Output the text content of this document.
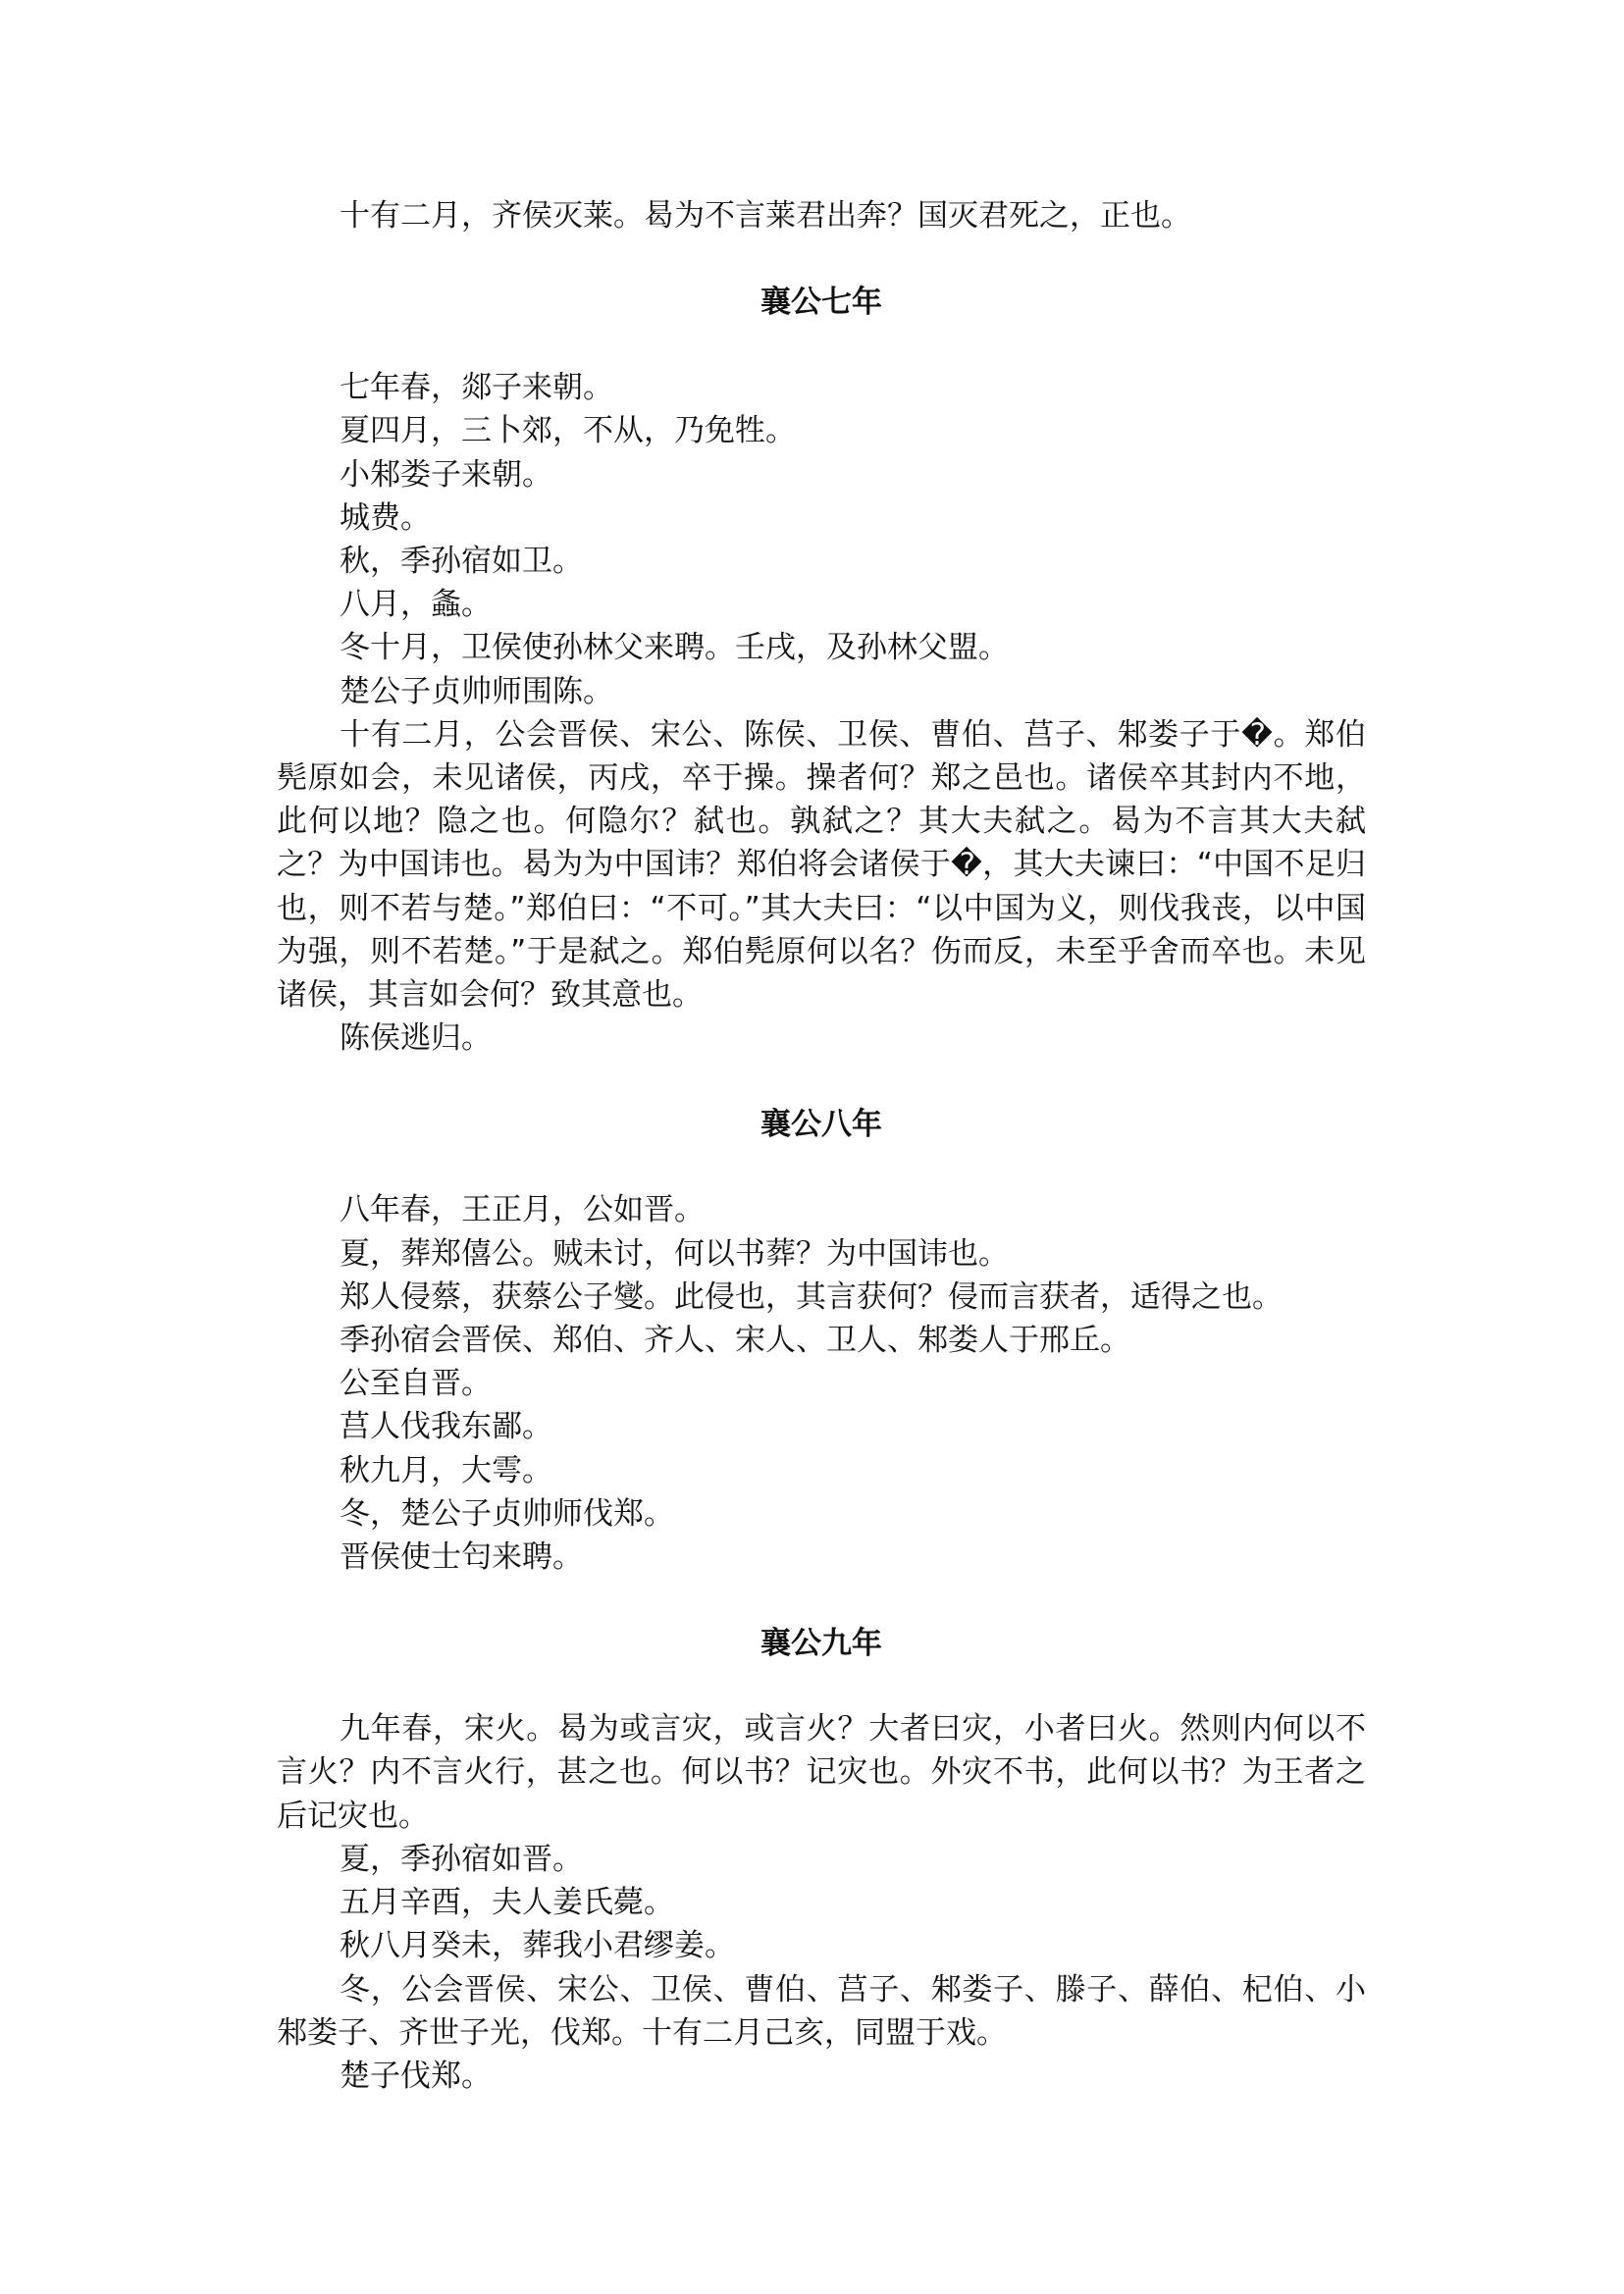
十有二月，齐侯灭莱。曷为不言莱君出奔？国灭君死之，正也。

襄公七年

七年春，郯子来朝。

夏四月，三卜郊，不从，乃免牲。

小邾娄子来朝。

城费。

秋，季孙宿如卫。

八月，螽。

冬十月，卫侯使孙林父来聘。壬戌，及孙林父盟。

楚公子贞帅师围陈。

十有二月，公会晋侯、宋公、陈侯、卫侯、曹伯、莒子、邾娄子于�。郑伯髡原如会，未见诸侯，丙戌，卒于操。操者何？郑之邑也。诸侯卒其封内不地，此何以地？隐之也。何隐尔？弑也。孰弑之？其大夫弑之。曷为不言其大夫弑之？为中国讳也。曷为为中国讳？郑伯将会诸侯于�，其大夫谏曰：“中国不足归也，则不若与楚。”郑伯曰：“不可。”其大夫曰：“以中国为义，则伐我丧，以中国为强，则不若楚。”于是弑之。郑伯髡原何以名？伤而反，未至乎舍而卒也。未见诸侯，其言如会何？致其意也。

陈侯逃归。

襄公八年

八年春，王正月，公如晋。

夏，葬郑僖公。贼未讨，何以书葬？为中国讳也。

郑人侵蔡，获蔡公子燮。此侵也，其言获何？侵而言获者，适得之也。

季孙宿会晋侯、郑伯、齐人、宋人、卫人、邾娄人于邢丘。

公至自晋。

莒人伐我东鄙。

秋九月，大雩。

冬，楚公子贞帅师伐郑。

晋侯使士匄来聘。

襄公九年

九年春，宋火。曷为或言灾，或言火？大者曰灾，小者曰火。然则内何以不言火？内不言火行，甚之也。何以书？记灾也。外灾不书，此何以书？为王者之后记灾也。

夏，季孙宿如晋。

五月辛酉，夫人姜氏薨。

秋八月癸未，葬我小君缪姜。

冬，公会晋侯、宋公、卫侯、曹伯、莒子、邾娄子、滕子、薛伯、杞伯、小邾娄子、齐世子光，伐郑。十有二月己亥，同盟于戏。

楚子伐郑。
